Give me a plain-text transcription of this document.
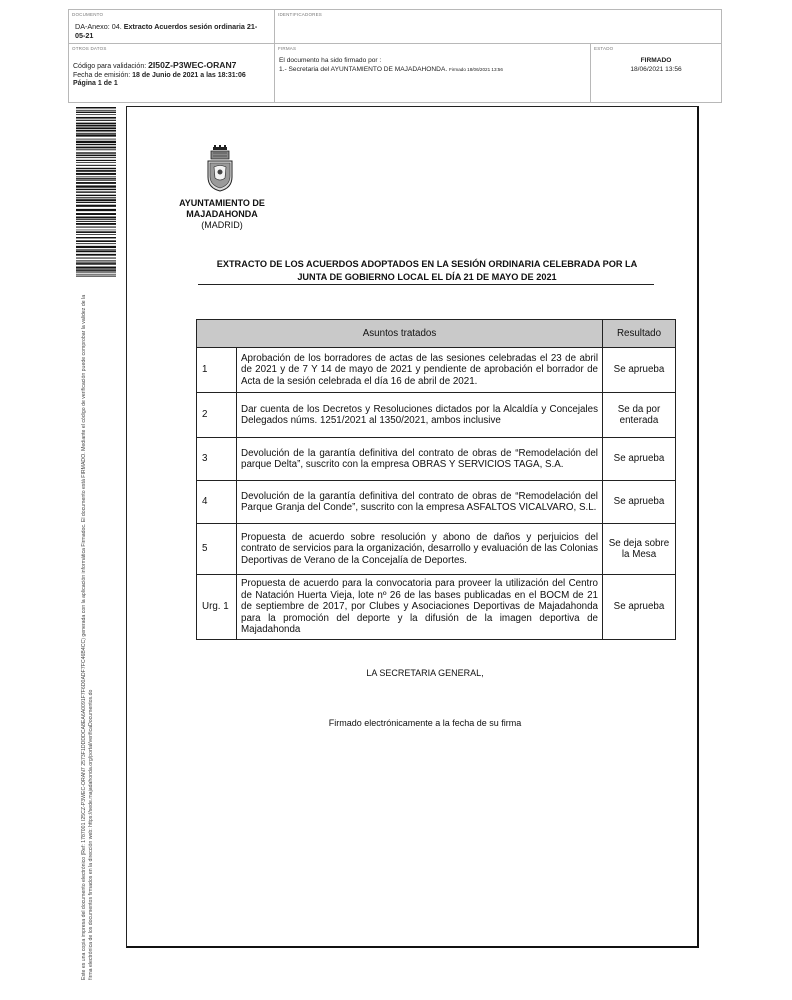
DOCUMENTO
DA-Anexo: 04. Extracto Acuerdos sesión ordinaria 21-05-21
IDENTIFICADORES
OTROS DATOS
Código para validación: 2I50Z-P3WEC-ORAN7
Fecha de emisión: 18 de Junio de 2021 a las 18:31:06
Página 1 de 1
FIRMAS
El documento ha sido firmado por :
1.- Secretaria del AYUNTAMIENTO DE MAJADAHONDA. Firmado 18/06/2021 13:56
ESTADO
FIRMADO
18/06/2021 13:56
Este es una copia impresa del documento electrónico (Ref: 1787001 I25CZ-P3WEC-ORAN7 2573F1DDDDCA8EA6A0091F7F6D0ADF7FC46B4CC) generada con la aplicación informática Firmadoc. El documento está FIRMADO. Mediante el código de verificación puede comprobar la validez de la firma electrónica de los documentos firmados en la dirección web: https://sede.majadahonda.org/portal/verificaDocumentos.do
AYUNTAMIENTO DE
MAJADAHONDA
(MADRID)
EXTRACTO DE LOS ACUERDOS ADOPTADOS EN LA SESIÓN ORDINARIA CELEBRADA POR LA
JUNTA DE GOBIERNO LOCAL EL DÍA 21 DE MAYO DE 2021
Asuntos tratados		Resultado
1	Aprobación de los borradores de actas de las sesiones celebradas el 23 de abril de 2021 y de 7 Y 14 de mayo de 2021 y pendiente de aprobación el borrador de Acta de la sesión celebrada el día 16 de abril de 2021.	Se aprueba
2	Dar cuenta de los Decretos y Resoluciones dictados por la Alcaldía y Concejales Delegados núms. 1251/2021 al 1350/2021, ambos inclusive	Se da por enterada
3	Devolución de la garantía definitiva del contrato de obras de “Remodelación del parque Delta”, suscrito con la empresa OBRAS Y SERVICIOS TAGA, S.A.	Se aprueba
4	Devolución de la garantía definitiva del contrato de obras de “Remodelación del Parque Granja del Conde”, suscrito con la empresa ASFALTOS VICALVARO, S.L.	Se aprueba
5	Propuesta de acuerdo sobre resolución y abono de daños y perjuicios del contrato de servicios para la organización, desarrollo y evaluación de las Colonias Deportivas de Verano de la Concejalía de Deportes.	Se deja sobre la Mesa
Urg. 1	Propuesta de acuerdo para la convocatoria para proveer la utilización del Centro de Natación Huerta Vieja, lote nº 26 de las bases publicadas en el BOCM de 21 de septiembre de 2017, por Clubes y Asociaciones Deportivas de Majadahonda para la promoción del deporte y la difusión de la imagen deportiva de Majadahonda	Se aprueba
LA SECRETARIA GENERAL,
Firmado electrónicamente a la fecha de su firma
